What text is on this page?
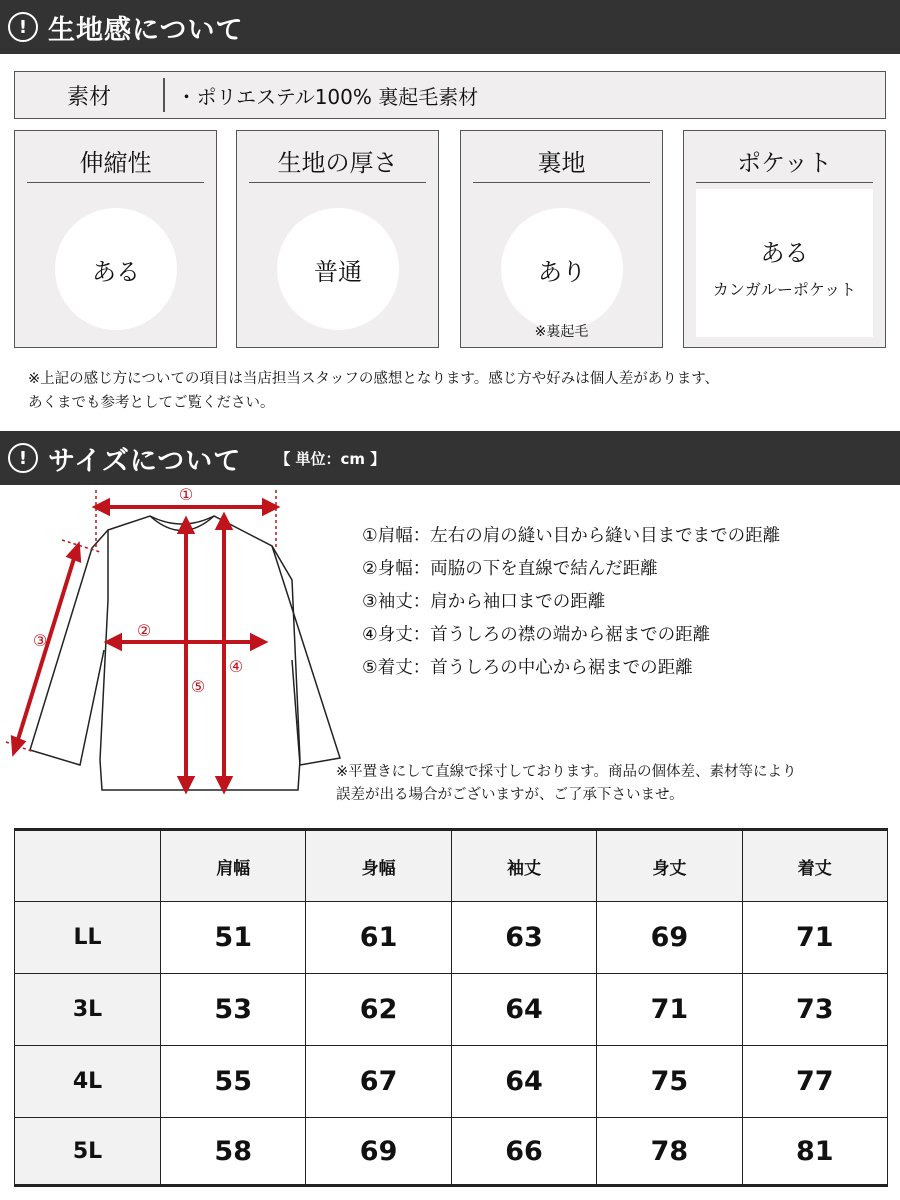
! 生地感について
素材	・ポリエステル100% 裏起毛素材
伸縮性
ある
生地の厚さ
普通
裏地
あり
※裏起毛
ポケット
ある
カンガルーポケット
※上記の感じ方についての項目は当店担当スタッフの感想となります。感じ方や好みは個人差があります、
あくまでも参考としてご覧ください。
! サイズについて 【 単位：cm 】
①
②
③
④
⑤
①肩幅：左右の肩の縫い目から縫い目までまでの距離
②身幅：両脇の下を直線で結んだ距離
③袖丈：肩から袖口までの距離
④身丈：首うしろの襟の端から裾までの距離
⑤着丈：首うしろの中心から裾までの距離
※平置きにして直線で採寸しております。商品の個体差、素材等により
誤差が出る場合がございますが、ご了承下さいませ。
	肩幅	身幅	袖丈	身丈	着丈
LL	51	61	63	69	71
3L	53	62	64	71	73
4L	55	67	64	75	77
5L	58	69	66	78	81
